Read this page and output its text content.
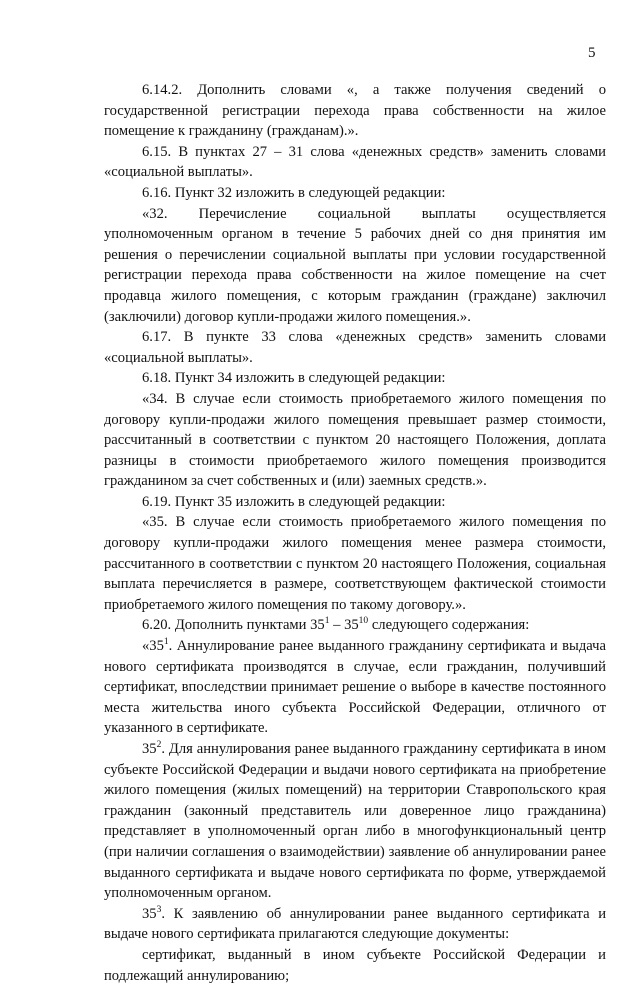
5

6.14.2. Дополнить словами «, а также получения сведений о государственной регистрации перехода права собственности на жилое помещение к гражданину (гражданам).».

6.15. В пунктах 27 – 31 слова «денежных средств» заменить словами «социальной выплаты».

6.16. Пункт 32 изложить в следующей редакции:

«32. Перечисление социальной выплаты осуществляется уполномоченным органом в течение 5 рабочих дней со дня принятия им решения о перечислении социальной выплаты при условии государственной регистрации перехода права собственности на жилое помещение на счет продавца жилого помещения, с которым гражданин (граждане) заключил (заключили) договор купли-продажи жилого помещения.».

6.17. В пункте 33 слова «денежных средств» заменить словами «социальной выплаты».

6.18. Пункт 34 изложить в следующей редакции:

«34. В случае если стоимость приобретаемого жилого помещения по договору купли-продажи жилого помещения превышает размер стоимости, рассчитанный в соответствии с пунктом 20 настоящего Положения, доплата разницы в стоимости приобретаемого жилого помещения производится гражданином за счет собственных и (или) заемных средств.».

6.19. Пункт 35 изложить в следующей редакции:

«35. В случае если стоимость приобретаемого жилого помещения по договору купли-продажи жилого помещения менее размера стоимости, рассчитанного в соответствии с пунктом 20 настоящего Положения, социальная выплата перечисляется в размере, соответствующем фактической стоимости приобретаемого жилого помещения по такому договору.».

6.20. Дополнить пунктами $35^1 - 35^{10}$ следующего содержания:

«$35^1$. Аннулирование ранее выданного гражданину сертификата и выдача нового сертификата производятся в случае, если гражданин, получивший сертификат, впоследствии принимает решение о выборе в качестве постоянного места жительства иного субъекта Российской Федерации, отличного от указанного в сертификате.

$35^2$. Для аннулирования ранее выданного гражданину сертификата в ином субъекте Российской Федерации и выдачи нового сертификата на приобретение жилого помещения (жилых помещений) на территории Ставропольского края гражданин (законный представитель или доверенное лицо гражданина) представляет в уполномоченный орган либо в многофункциональный центр (при наличии соглашения о взаимодействии) заявление об аннулировании ранее выданного сертификата и выдаче нового сертификата по форме, утверждаемой уполномоченным органом.

$35^3$. К заявлению об аннулировании ранее выданного сертификата и выдаче нового сертификата прилагаются следующие документы:

сертификат, выданный в ином субъекте Российской Федерации и подлежащий аннулированию;
